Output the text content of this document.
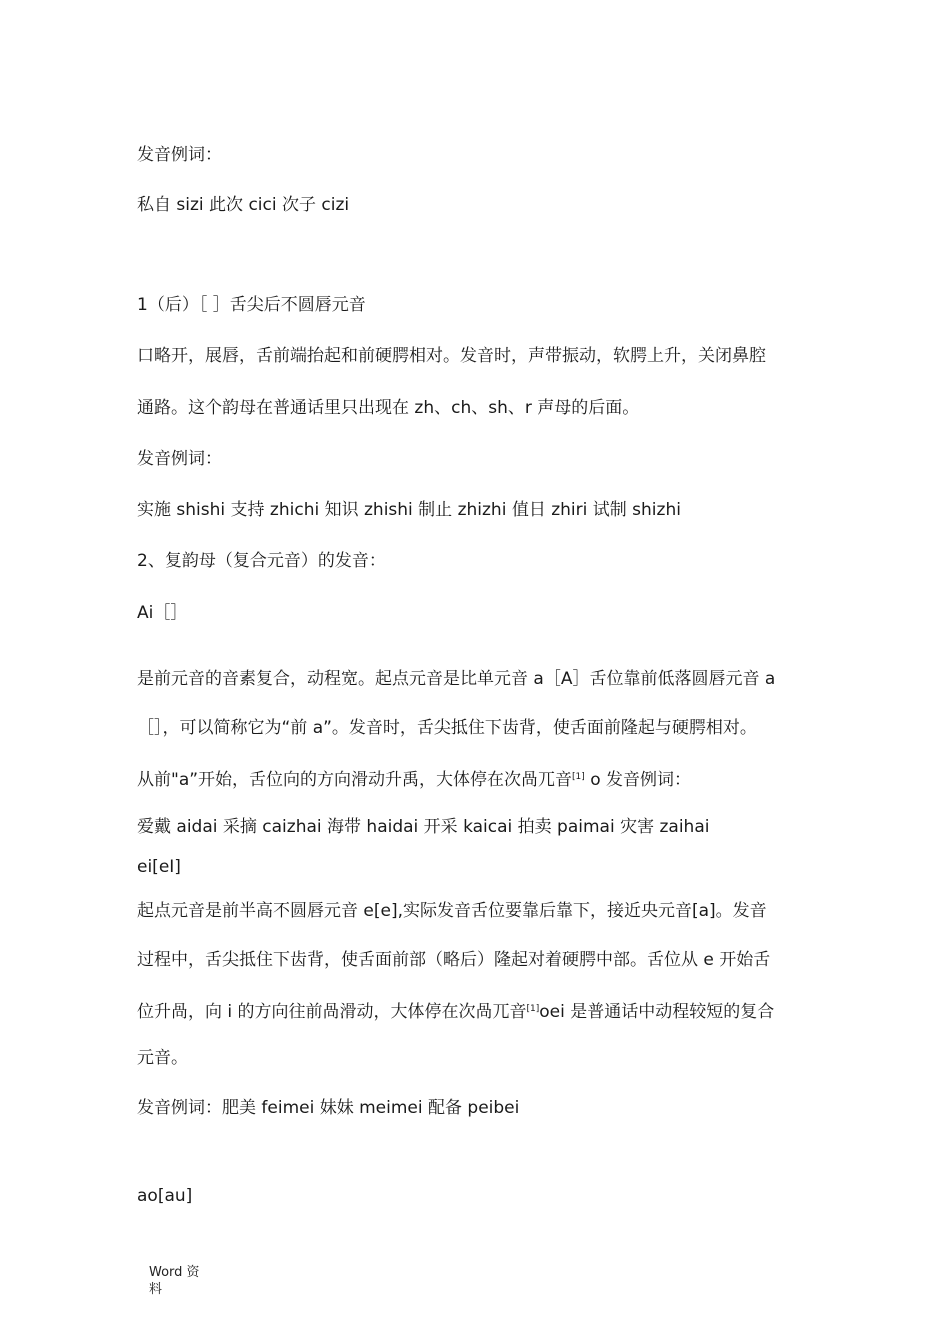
发音例词：
私自 sizi 此次 cici 次子 cizi
1（后）［ ］舌尖后不圆唇元音
口略开，展唇，舌前端抬起和前硬腭相对。发音时，声带振动，软腭上升，关闭鼻腔
通路。这个韵母在普通话里只出现在 zh、ch、sh、r 声母的后面。
发音例词：
实施 shishi 支持 zhichi 知识 zhishi 制止 zhizhi 值日 zhiri 试制 shizhi
2、复韵母（复合元音）的发音：
Ai［］
是前元音的音素复合，动程宽。起点元音是比单元音 a［A］舌位靠前低落圆唇元音 a
［］，可以简称它为“前 a”。发音时，舌尖抵住下齿背，使舌面前隆起与硬腭相对。
从前"a”开始，舌位向的方向滑动升禹，大体停在次咼兀音[1] o 发音例词：
爱戴 aidai 采摘 caizhai 海带 haidai 开采 kaicai 拍卖 paimai 灾害 zaihai
ei[eI]
起点元音是前半高不圆唇元音 e[e],实际发音舌位要靠后靠下，接近央元音[a]。发音
过程中，舌尖抵住下齿背，使舌面前部（略后）隆起对着硬腭中部。舌位从 e 开始舌
位升咼，向 i 的方向往前咼滑动，大体停在次咼兀音[1]oei 是普通话中动程较短的复合
元音。
发音例词：肥美 feimei 妹妹 meimei 配备 peibei
ao[au]
Word 资
料
